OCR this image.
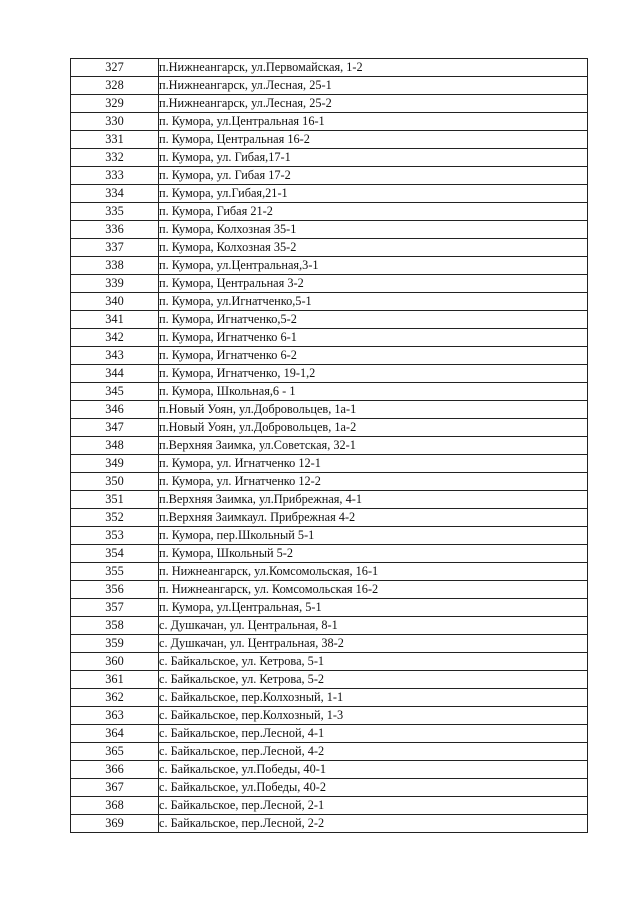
327	п.Нижнеангарск, ул.Первомайская, 1-2
328	п.Нижнеангарск, ул.Лесная, 25-1
329	п.Нижнеангарск, ул.Лесная, 25-2
330	п. Кумора, ул.Центральная 16-1
331	п. Кумора, Центральная 16-2
332	п. Кумора, ул. Гибая,17-1
333	п. Кумора, ул. Гибая 17-2
334	п. Кумора, ул.Гибая,21-1
335	п. Кумора, Гибая 21-2
336	п. Кумора, Колхозная 35-1
337	п. Кумора, Колхозная 35-2
338	п. Кумора, ул.Центральная,3-1
339	п. Кумора, Центральная 3-2
340	п. Кумора, ул.Игнатченко,5-1
341	п. Кумора, Игнатченко,5-2
342	п. Кумора, Игнатченко 6-1
343	п. Кумора, Игнатченко 6-2
344	п. Кумора, Игнатченко, 19-1,2
345	п. Кумора, Школьная,6 - 1
346	п.Новый Уоян, ул.Добровольцев, 1а-1
347	п.Новый Уоян, ул.Добровольцев, 1а-2
348	п.Верхняя Заимка, ул.Советская, 32-1
349	п. Кумора, ул. Игнатченко 12-1
350	п. Кумора, ул. Игнатченко 12-2
351	п.Верхняя Заимка, ул.Прибрежная, 4-1
352	п.Верхняя Заимкаул. Прибрежная 4-2
353	п. Кумора, пер.Школьный 5-1
354	п. Кумора, Школьный 5-2
355	п. Нижнеангарск, ул.Комсомольская, 16-1
356	п. Нижнеангарск, ул. Комсомольская 16-2
357	п. Кумора, ул.Центральная, 5-1
358	с. Душкачан, ул. Центральная, 8-1
359	с. Душкачан, ул. Центральная, 38-2
360	с. Байкальское, ул. Кетрова, 5-1
361	с. Байкальское, ул. Кетрова, 5-2
362	с. Байкальское, пер.Колхозный, 1-1
363	с. Байкальское, пер.Колхозный, 1-3
364	с. Байкальское, пер.Лесной, 4-1
365	с. Байкальское, пер.Лесной, 4-2
366	с. Байкальское, ул.Победы, 40-1
367	с. Байкальское, ул.Победы, 40-2
368	с. Байкальское, пер.Лесной, 2-1
369	с. Байкальское, пер.Лесной, 2-2
